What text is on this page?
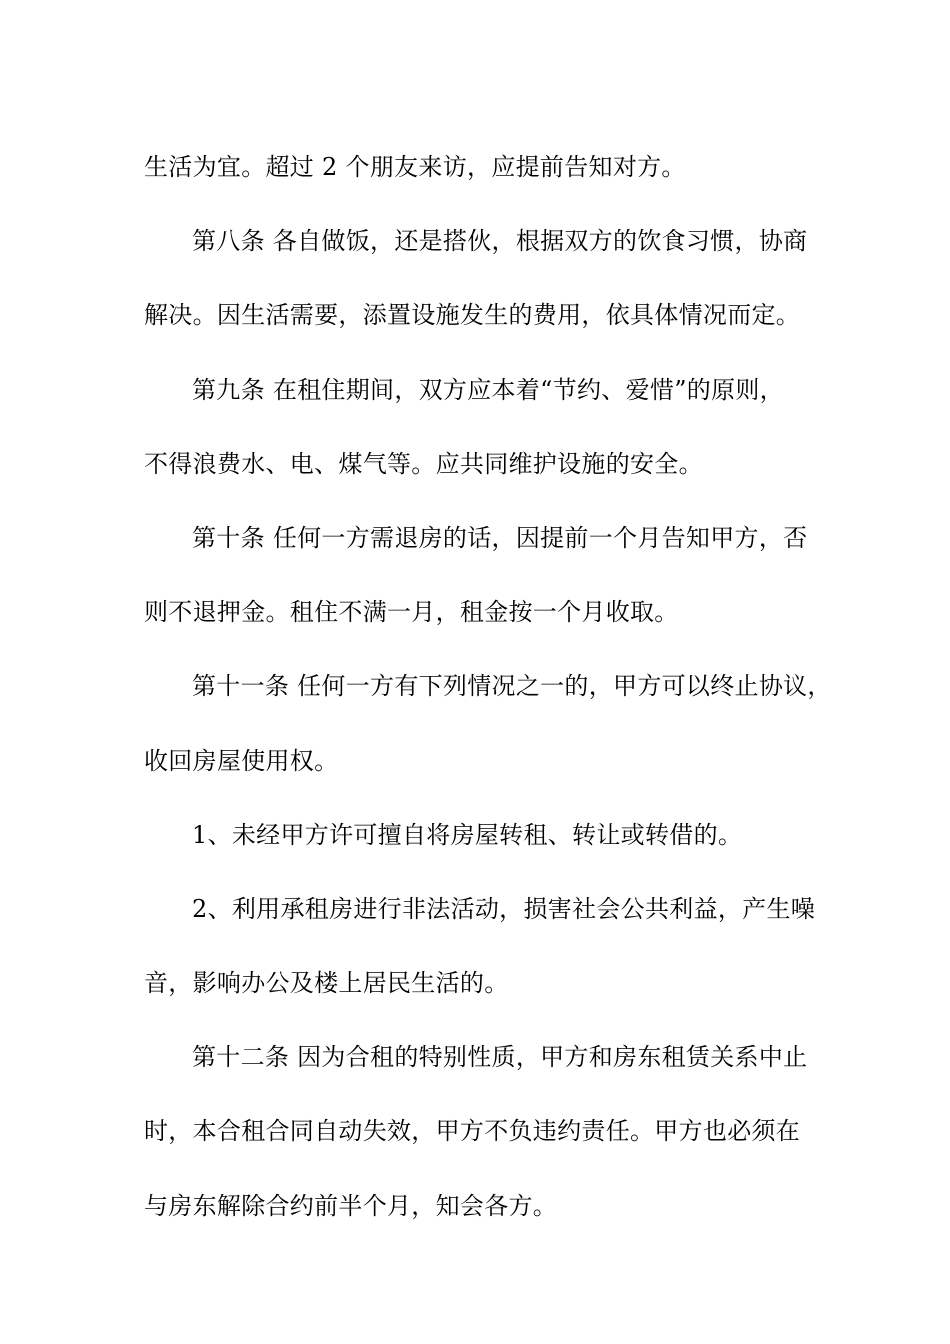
生活为宜。超过 2 个朋友来访，应提前告知对方。
第八条 各自做饭，还是搭伙，根据双方的饮食习惯，协商
解决。因生活需要，添置设施发生的费用，依具体情况而定。
第九条 在租住期间，双方应本着“节约、爱惜”的原则，
不得浪费水、电、煤气等。应共同维护设施的安全。
第十条 任何一方需退房的话，因提前一个月告知甲方，否
则不退押金。租住不满一月，租金按一个月收取。
第十一条 任何一方有下列情况之一的，甲方可以终止协议，
收回房屋使用权。
1、未经甲方许可擅自将房屋转租、转让或转借的。
2、利用承租房进行非法活动，损害社会公共利益，产生噪
音，影响办公及楼上居民生活的。
第十二条 因为合租的特别性质，甲方和房东租赁关系中止
时，本合租合同自动失效，甲方不负违约责任。甲方也必须在
与房东解除合约前半个月，知会各方。
